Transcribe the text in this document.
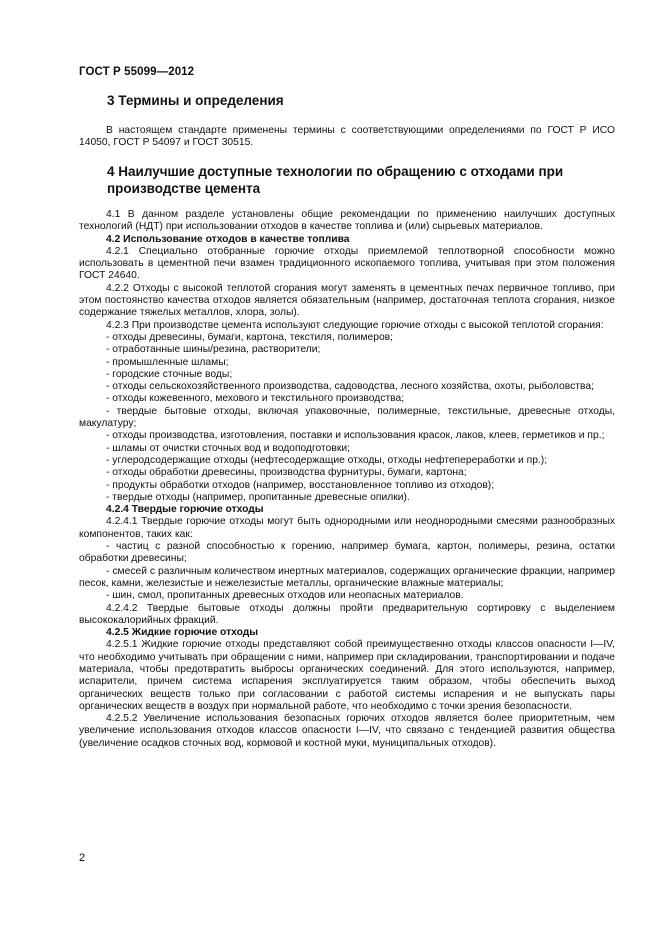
ГОСТ Р 55099—2012
3 Термины и определения

В настоящем стандарте применены термины с соответствующими определениями по ГОСТ Р ИСО 14050, ГОСТ Р 54097 и ГОСТ 30515.

4 Наилучшие доступные технологии по обращению с отходами при производстве цемента

4.1 В данном разделе установлены общие рекомендации по применению наилучших доступных технологий (НДТ) при использовании отходов в качестве топлива и (или) сырьевых материалов.

4.2 Использование отходов в качестве топлива

4.2.1 Специально отобранные горючие отходы приемлемой теплотворной способности можно использовать в цементной печи взамен традиционного ископаемого топлива, учитывая при этом положения ГОСТ 24640.

4.2.2 Отходы с высокой теплотой сгорания могут заменять в цементных печах первичное топливо, при этом постоянство качества отходов является обязательным (например, достаточная теплота сгорания, низкое содержание тяжелых металлов, хлора, золы).

4.2.3 При производстве цемента используют следующие горючие отходы с высокой теплотой сгорания:

- отходы древесины, бумаги, картона, текстиля, полимеров;

- отработанные шины/резина, растворители;

- промышленные шламы;

- городские сточные воды;

- отходы сельскохозяйственного производства, садоводства, лесного хозяйства, охоты, рыболовства;

- отходы кожевенного, мехового и текстильного производства;

- твердые бытовые отходы, включая упаковочные, полимерные, текстильные, древесные отходы, макулатуру;

- отходы производства, изготовления, поставки и использования красок, лаков, клеев, герметиков и пр.;

- шламы от очистки сточных вод и водоподготовки;

- углеродсодержащие отходы (нефтесодержащие отходы, отходы нефтепереработки и пр.);

- отходы обработки древесины, производства фурнитуры, бумаги, картона;

- продукты обработки отходов (например, восстановленное топливо из отходов);

- твердые отходы (например, пропитанные древесные опилки).

4.2.4 Твердые горючие отходы

4.2.4.1 Твердые горючие отходы могут быть однородными или неоднородными смесями разнообразных компонентов, таких как:

- частиц с разной способностью к горению, например бумага, картон, полимеры, резина, остатки обработки древесины;

- смесей с различным количеством инертных материалов, содержащих органические фракции, например песок, камни, железистые и нежелезистые металлы, органические влажные материалы;

- шин, смол, пропитанных древесных отходов или неопасных материалов.

4.2.4.2 Твердые бытовые отходы должны пройти предварительную сортировку с выделением высококалорийных фракций.

4.2.5 Жидкие горючие отходы

4.2.5.1 Жидкие горючие отходы представляют собой преимущественно отходы классов опасности I—IV, что необходимо учитывать при обращении с ними, например при складировании, транспортировании и подаче материала, чтобы предотвратить выбросы органических соединений. Для этого используются, например, испарители, причем система испарения эксплуатируется таким образом, чтобы обеспечить выход органических веществ только при согласовании с работой системы испарения и не выпускать пары органических веществ в воздух при нормальной работе, что необходимо с точки зрения безопасности.

4.2.5.2 Увеличение использования безопасных горючих отходов является более приоритетным, чем увеличение использования отходов классов опасности I—IV, что связано с тенденцией развития общества (увеличение осадков сточных вод, кормовой и костной муки, муниципальных отходов).

2
